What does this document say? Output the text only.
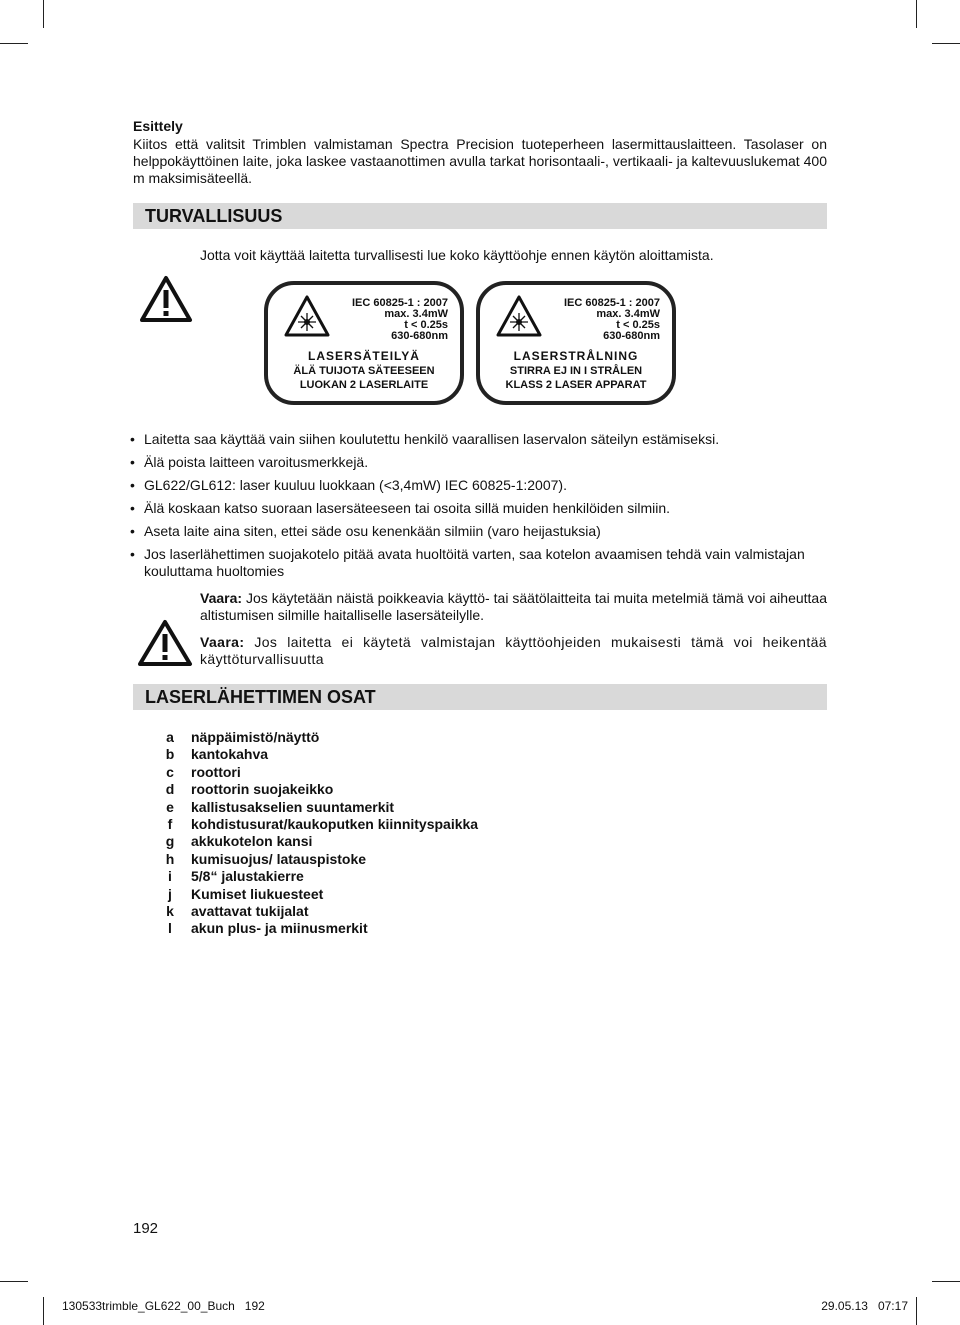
Esittely
Kiitos että valitsit Trimblen valmistaman Spectra Precision tuoteperheen lasermittauslaitteen. Tasolaser on helppokäyttöinen laite, joka laskee vastaanottimen avulla tarkat horisontaali-, vertikaali- ja kaltevuuslukemat 400 m maksimisäteellä.
TURVALLISUUS
Jotta voit käyttää laitetta turvallisesti lue koko käyttöohje ennen käytön aloittamista.
IEC 60825-1 : 2007
max. 3.4mW
t < 0.25s
630-680nm
LASERSÄTEILYÄ
ÄLÄ TUIJOTA SÄTEESEEN
LUOKAN 2 LASERLAITE
IEC 60825-1 : 2007
max. 3.4mW
t < 0.25s
630-680nm
LASERSTRÅLNING
STIRRA EJ IN I STRÅLEN
KLASS 2 LASER APPARAT
• Laitetta saa käyttää vain siihen koulutettu henkilö vaarallisen laservalon säteilyn estämiseksi.
• Älä poista laitteen varoitusmerkkejä.
• GL622/GL612: laser kuuluu luokkaan (<3,4mW) IEC 60825-1:2007).
• Älä koskaan katso suoraan lasersäteeseen tai osoita sillä muiden henkilöiden silmiin.
• Aseta laite aina siten, ettei säde osu kenenkään silmiin (varo heijastuksia)
• Jos laserlähettimen suojakotelo pitää avata huoltöitä varten, saa kotelon avaamisen tehdä vain valmistajan kouluttama huoltomies
Vaara: Jos käytetään näistä poikkeavia käyttö- tai säätölaitteita tai muita metelmiä tämä voi aiheuttaa altistumisen silmille haitalliselle lasersäteilylle.
Vaara: Jos laitetta ei käytetä valmistajan käyttöohjeiden mukaisesti tämä voi heikentää käyttöturvallisuutta
LASERLÄHETTIMEN OSAT
a	näppäimistö/näyttö
b	kantokahva
c	roottori
d	roottorin suojakeikko
e	kallistusakselien suuntamerkit
f	kohdistusurat/kaukoputken kiinnityspaikka
g	akkukotelon kansi
h	kumisuojus/ latauspistoke
i	5/8“ jalustakierre
j	Kumiset liukuesteet
k	avattavat tukijalat
l	akun plus- ja miinusmerkit
192
130533trimble_GL622_00_Buch   192	29.05.13   07:17
